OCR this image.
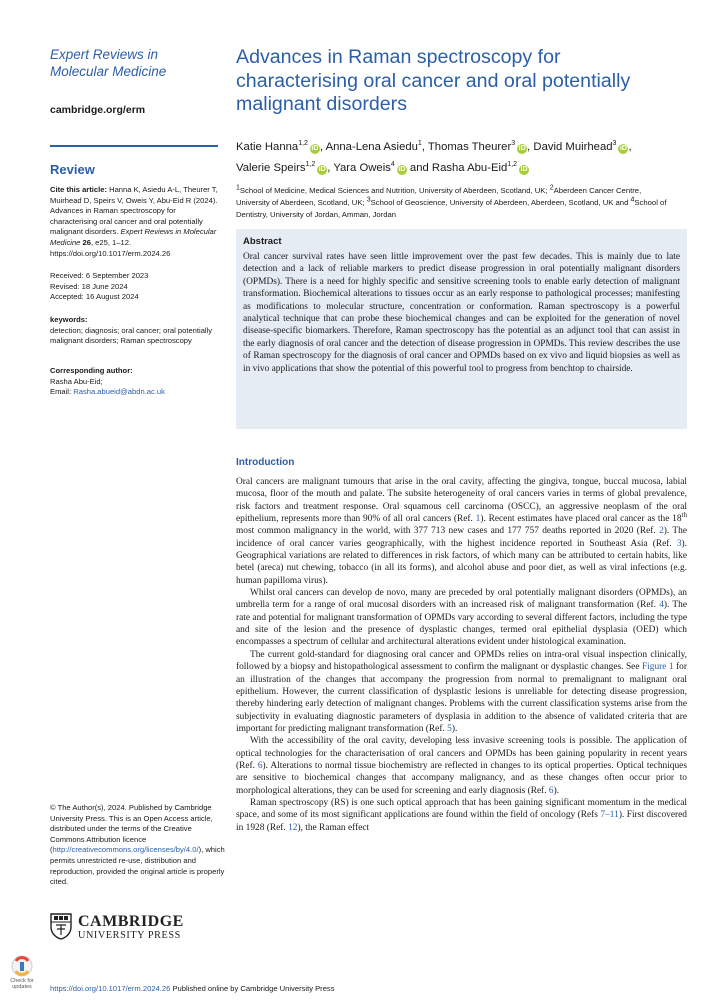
Expert Reviews in Molecular Medicine
cambridge.org/erm
Review
Cite this article: Hanna K, Asiedu A-L, Theurer T, Muirhead D, Speirs V, Oweis Y, Abu-Eid R (2024). Advances in Raman spectroscopy for characterising oral cancer and oral potentially malignant disorders. Expert Reviews in Molecular Medicine 26, e25, 1–12. https://doi.org/10.1017/erm.2024.26
Received: 6 September 2023
Revised: 18 June 2024
Accepted: 16 August 2024
keywords:
detection; diagnosis; oral cancer; oral potentially malignant disorders; Raman spectroscopy
Corresponding author:
Rasha Abu-Eid;
Email: Rasha.abueid@abdn.ac.uk
© The Author(s), 2024. Published by Cambridge University Press. This is an Open Access article, distributed under the terms of the Creative Commons Attribution licence (http://creativecommons.org/licenses/by/4.0/), which permits unrestricted re-use, distribution and reproduction, provided the original article is properly cited.
CAMBRIDGE
UNIVERSITY PRESS
Check for updates
Advances in Raman spectroscopy for characterising oral cancer and oral potentially malignant disorders
Katie Hanna$^{1,2}$iD , Anna-Lena Asiedu$^1$, Thomas Theurer$^3$iD , David Muirhead$^3$iD ,
Valerie Speirs$^{1,2}$iD , Yara Oweis$^4$iD and Rasha Abu-Eid$^{1,2}$iD
$^1$School of Medicine, Medical Sciences and Nutrition, University of Aberdeen, Scotland, UK; $^2$Aberdeen Cancer Centre, University of Aberdeen, Scotland, UK; $^3$School of Geoscience, University of Aberdeen, Aberdeen, Scotland, UK and $^4$School of Dentistry, University of Jordan, Amman, Jordan
Abstract
Oral cancer survival rates have seen little improvement over the past few decades. This is mainly due to late detection and a lack of reliable markers to predict disease progression in oral potentially malignant disorders (OPMDs). There is a need for highly specific and sensitive screening tools to enable early detection of malignant transformation. Biochemical alterations to tissues occur as an early response to pathological processes; manifesting as modifications to molecular structure, concentration or conformation. Raman spectroscopy is a powerful analytical technique that can probe these biochemical changes and can be exploited for the generation of novel disease-specific biomarkers. Therefore, Raman spectroscopy has the potential as an adjunct tool that can assist in the early diagnosis of oral cancer and the detection of disease progression in OPMDs. This review describes the use of Raman spectroscopy for the diagnosis of oral cancer and OPMDs based on ex vivo and liquid biopsies as well as in vivo applications that show the potential of this powerful tool to progress from benchtop to chairside.
Introduction

Oral cancers are malignant tumours that arise in the oral cavity, affecting the gingiva, tongue, buccal mucosa, labial mucosa, floor of the mouth and palate. The subsite heterogeneity of oral cancers varies in terms of global prevalence, risk factors and treatment response. Oral squamous cell carcinoma (OSCC), an aggressive neoplasm of the oral epithelium, represents more than 90% of all oral cancers (Ref. 1). Recent estimates have placed oral cancer as the 18th most common malignancy in the world, with 377 713 new cases and 177 757 deaths reported in 2020 (Ref. 2). The incidence of oral cancer varies geographically, with the highest incidence reported in Southeast Asia (Ref. 3). Geographical variations are related to differences in risk factors, of which many can be attributed to certain habits, like betel (areca) nut chewing, tobacco (in all its forms), and alcohol abuse and poor diet, as well as viral infections (e.g. human papilloma virus).

Whilst oral cancers can develop de novo, many are preceded by oral potentially malignant disorders (OPMDs), an umbrella term for a range of oral mucosal disorders with an increased risk of malignant transformation (Ref. 4). The rate and potential for malignant transformation of OPMDs vary according to several different factors, including the type and site of the lesion and the presence of dysplastic changes, termed oral epithelial dysplasia (OED) which encompasses a spectrum of cellular and architectural alterations evident under histological examination.

The current gold-standard for diagnosing oral cancer and OPMDs relies on intra-oral visual inspection clinically, followed by a biopsy and histopathological assessment to confirm the malignant or dysplastic changes. See Figure 1 for an illustration of the changes that accompany the progression from normal to premalignant to malignant oral epithelium. However, the current classification of dysplastic lesions is unreliable for detecting disease progression, thereby hindering early detection of malignant changes. Problems with the current classification systems arise from the subjectivity in evaluating diagnostic parameters of dysplasia in addition to the absence of validated criteria that are important for predicting malignant transformation (Ref. 5).

With the accessibility of the oral cavity, developing less invasive screening tools is possible. The application of optical technologies for the characterisation of oral cancers and OPMDs has been gaining popularity in recent years (Ref. 6). Alterations to normal tissue biochemistry are reflected in changes to its optical properties. Optical techniques are sensitive to biochemical changes that accompany malignancy, and as these changes often occur prior to morphological alterations, they can be used for screening and early diagnosis (Ref. 6).

Raman spectroscopy (RS) is one such optical approach that has been gaining significant momentum in the medical space, and some of its most significant applications are found within the field of oncology (Refs 7–11). First discovered in 1928 (Ref. 12), the Raman effect

https://doi.org/10.1017/erm.2024.26 Published online by Cambridge University Press
